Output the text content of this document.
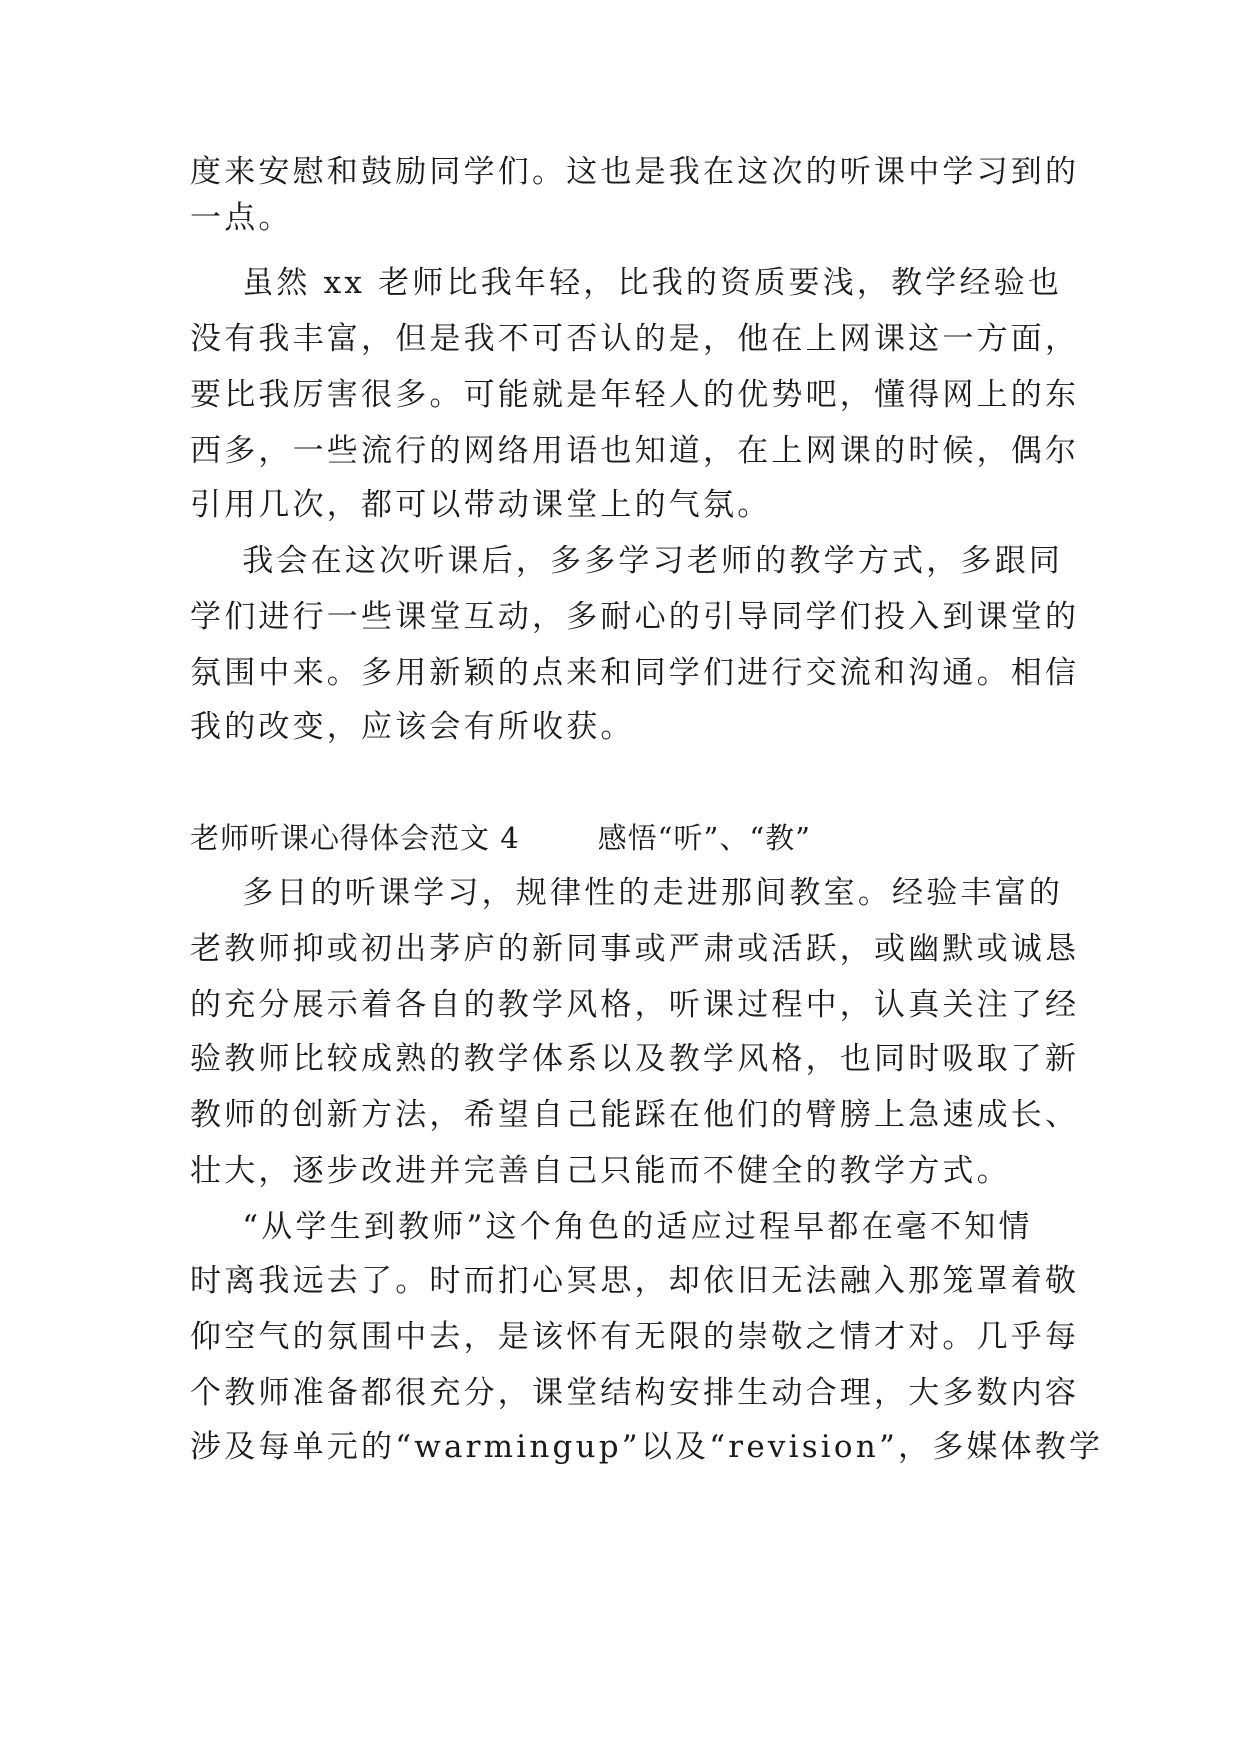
度来安慰和鼓励同学们。这也是我在这次的听课中学习到的
一点。
虽然 xx 老师比我年轻，比我的资质要浅，教学经验也
没有我丰富，但是我不可否认的是，他在上网课这一方面，
要比我厉害很多。可能就是年轻人的优势吧，懂得网上的东
西多，一些流行的网络用语也知道，在上网课的时候，偶尔
引用几次，都可以带动课堂上的气氛。
我会在这次听课后，多多学习老师的教学方式，多跟同
学们进行一些课堂互动，多耐心的引导同学们投入到课堂的
氛围中来。多用新颖的点来和同学们进行交流和沟通。相信
我的改变，应该会有所收获。
老师听课心得体会范文 4	感悟“听”、“教”
多日的听课学习，规律性的走进那间教室。经验丰富的
老教师抑或初出茅庐的新同事或严肃或活跃，或幽默或诚恳
的充分展示着各自的教学风格，听课过程中，认真关注了经
验教师比较成熟的教学体系以及教学风格，也同时吸取了新
教师的创新方法，希望自己能踩在他们的臂膀上急速成长、
壮大，逐步改进并完善自己只能而不健全的教学方式。
“从学生到教师”这个角色的适应过程早都在毫不知情
时离我远去了。时而扪心冥思，却依旧无法融入那笼罩着敬
仰空气的氛围中去，是该怀有无限的崇敬之情才对。几乎每
个教师准备都很充分，课堂结构安排生动合理，大多数内容
涉及每单元的“warmingup”以及“revision”，多媒体教学
